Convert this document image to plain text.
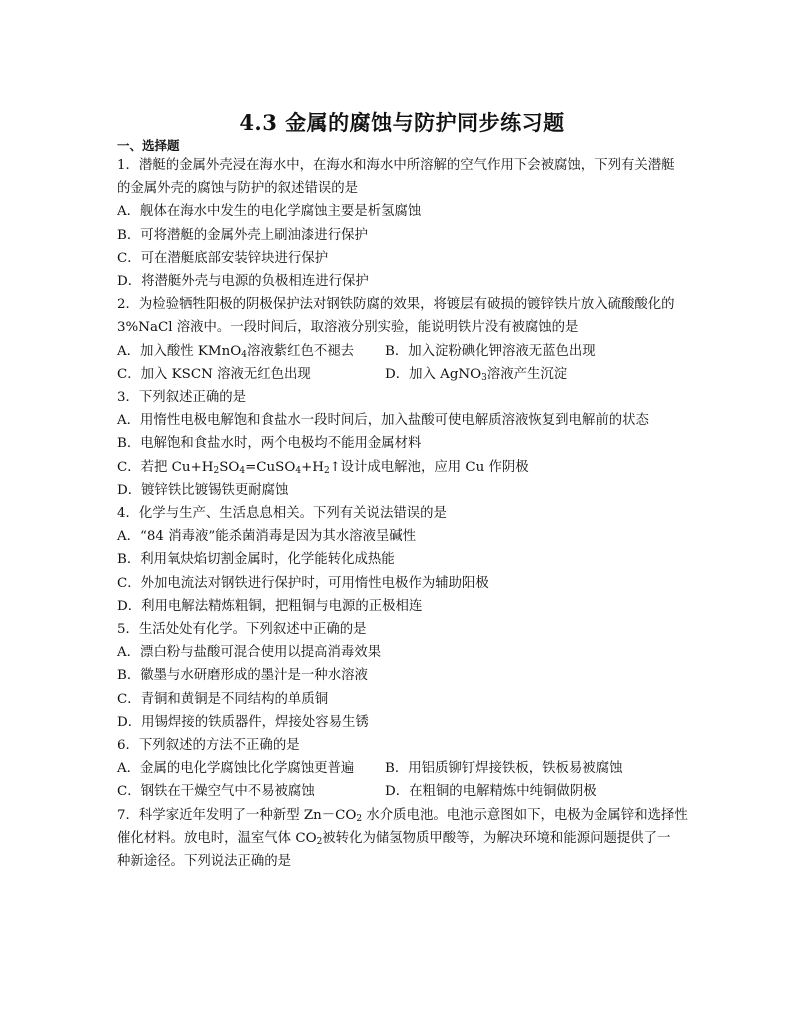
4.3 金属的腐蚀与防护同步练习题
一、选择题
1．潜艇的金属外壳浸在海水中，在海水和海水中所溶解的空气作用下会被腐蚀，下列有关潜艇
的金属外壳的腐蚀与防护的叙述错误的是
A．舰体在海水中发生的电化学腐蚀主要是析氢腐蚀
B．可将潜艇的金属外壳上刷油漆进行保护
C．可在潜艇底部安装锌块进行保护
D．将潜艇外壳与电源的负极相连进行保护
2．为检验牺牲阳极的阴极保护法对钢铁防腐的效果，将镀层有破损的镀锌铁片放入硫酸酸化的
3%NaCl 溶液中。一段时间后，取溶液分别实验，能说明铁片没有被腐蚀的是
A．加入酸性 KMnO$_4$溶液紫红色不褪去	B．加入淀粉碘化钾溶液无蓝色出现
C．加入 KSCN 溶液无红色出现	D．加入 AgNO$_3$溶液产生沉淀
3．下列叙述正确的是
A．用惰性电极电解饱和食盐水一段时间后，加入盐酸可使电解质溶液恢复到电解前的状态
B．电解饱和食盐水时，两个电极均不能用金属材料
C．若把 $Cu+H_2SO_4=CuSO_4+H_2↑$设计成电解池，应用 Cu 作阴极
D．镀锌铁比镀锡铁更耐腐蚀
4．化学与生产、生活息息相关。下列有关说法错误的是
A．“84 消毒液”能杀菌消毒是因为其水溶液呈碱性
B．利用氧炔焰切割金属时，化学能转化成热能
C．外加电流法对钢铁进行保护时，可用惰性电极作为辅助阳极
D．利用电解法精炼粗铜，把粗铜与电源的正极相连
5．生活处处有化学。下列叙述中正确的是
A．漂白粉与盐酸可混合使用以提高消毒效果
B．徽墨与水研磨形成的墨汁是一种水溶液
C．青铜和黄铜是不同结构的单质铜
D．用锡焊接的铁质器件，焊接处容易生锈
6．下列叙述的方法不正确的是
A．金属的电化学腐蚀比化学腐蚀更普遍	B．用铝质铆钉焊接铁板，铁板易被腐蚀
C．钢铁在干燥空气中不易被腐蚀	D．在粗铜的电解精炼中纯铜做阴极
7．科学家近年发明了一种新型 $Zn-CO_2$ 水介质电池。电池示意图如下，电极为金属锌和选择性
催化材料。放电时，温室气体 $CO_2$被转化为储氢物质甲酸等，为解决环境和能源问题提供了一
种新途径。下列说法正确的是
